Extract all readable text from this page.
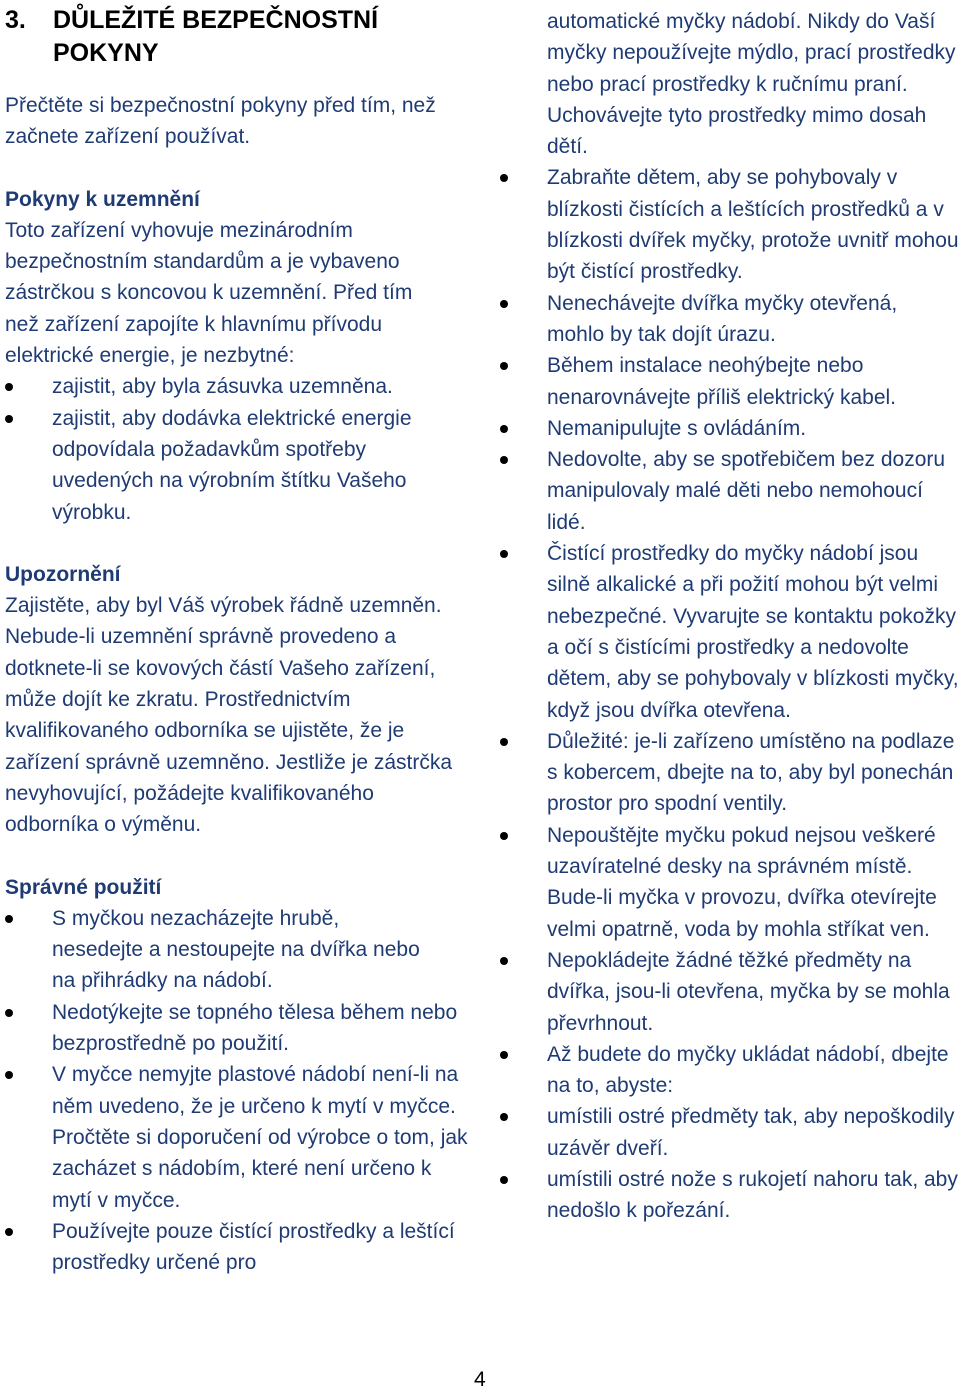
3.	DŮLEŽITÉ BEZPEČNOSTNÍ
POKYNY

Přečtěte si bezpečnostní pokyny před tím, než začnete zařízení používat.

Pokyny k uzemnění

Toto zařízení vyhovuje mezinárodním bezpečnostním standardům a je vybaveno zástrčkou s koncovou k uzemnění. Před tím než zařízení zapojíte k hlavnímu přívodu elektrické energie, je nezbytné:

zajistit, aby byla zásuvka uzemněna.
zajistit, aby dodávka elektrické energie odpovídala požadavkům spotřeby uvedených na výrobním štítku Vašeho výrobku.

Upozornění

Zajistěte, aby byl Váš výrobek řádně uzemněn. Nebude-li uzemnění správně provedeno a dotknete-li se kovových částí Vašeho zařízení, může dojít ke zkratu. Prostřednictvím kvalifikovaného odborníka se ujistěte, že je zařízení správně uzemněno. Jestliže je zástrčka nevyhovující, požádejte kvalifikovaného odborníka o výměnu.

Správné použití

S myčkou nezacházejte hrubě, nesedejte a nestoupejte na dvířka nebo na přihrádky na nádobí.
Nedotýkejte se topného tělesa během nebo bezprostředně po použití.
V myčce nemyjte plastové nádobí není-li na něm uvedeno, že je určeno k mytí v myčce. Pročtěte si doporučení od výrobce o tom, jak zacházet s nádobím, které není určeno k mytí v myčce.
Používejte pouze čistící prostředky a leštící prostředky určené pro

automatické myčky nádobí. Nikdy do Vaší myčky nepoužívejte mýdlo, prací prostředky nebo prací prostředky k ručnímu praní. Uchovávejte tyto prostředky mimo dosah dětí.

Zabraňte dětem, aby se pohybovaly v blízkosti čistících a leštících prostředků a v blízkosti dvířek myčky, protože uvnitř mohou být čistící prostředky.
Nenechávejte dvířka myčky otevřená, mohlo by tak dojít úrazu.
Během instalace neohýbejte nebo nenarovnávejte příliš elektrický kabel.
Nemanipulujte s ovládáním.
Nedovolte, aby se spotřebičem bez dozoru manipulovaly malé děti nebo nemohoucí lidé.
Čistící prostředky do myčky nádobí jsou silně alkalické a při požití mohou být velmi nebezpečné. Vyvarujte se kontaktu pokožky a očí s čistícími prostředky a nedovolte dětem, aby se pohybovaly v blízkosti myčky, když jsou dvířka otevřena.
Důležité: je-li zařízeno umístěno na podlaze s kobercem, dbejte na to, aby byl ponechán prostor pro spodní ventily.
Nepouštějte myčku pokud nejsou veškeré uzavíratelné desky na správném místě. Bude-li myčka v provozu, dvířka otevírejte velmi opatrně, voda by mohla stříkat ven.
Nepokládejte žádné těžké předměty na dvířka, jsou-li otevřena, myčka by se mohla převrhnout.
Až budete do myčky ukládat nádobí, dbejte na to, abyste:
umístili ostré předměty tak, aby nepoškodily uzávěr dveří.
umístili ostré nože s rukojetí nahoru tak, aby nedošlo k pořezání.
4
